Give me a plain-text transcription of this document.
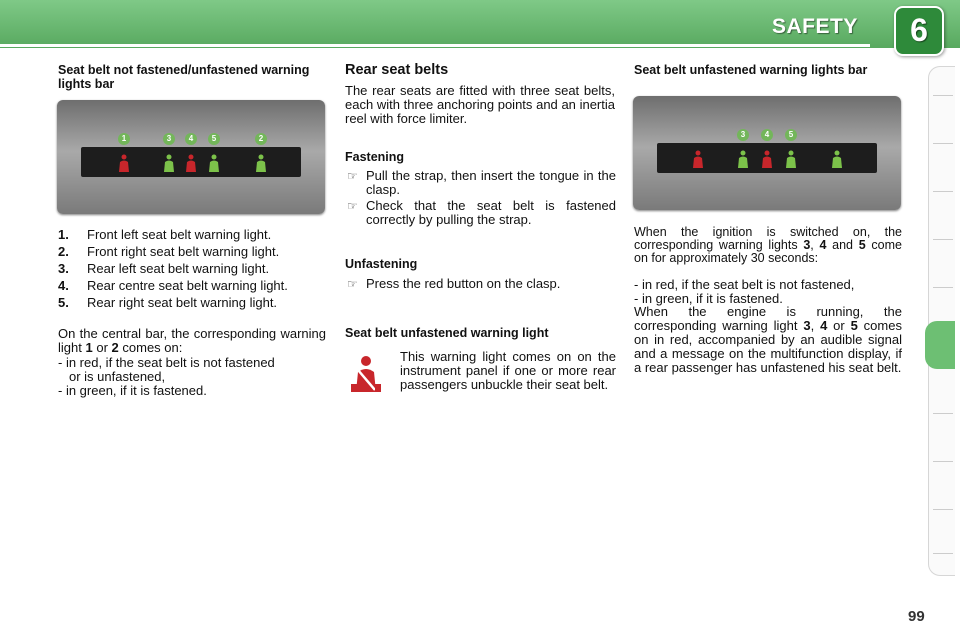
SAFETY	6
Seat belt not fastened/unfastened warning lights bar
1	3	4	5	2
1. Front left seat belt warning light.
2. Front right seat belt warning light.
3. Rear left seat belt warning light.
4. Rear centre seat belt warning light.
5. Rear right seat belt warning light.
On the central bar, the corresponding warning light 1 or 2 comes on:
- in red, if the seat belt is not fastened
or is unfastened,
- in green, if it is fastened.
Rear seat belts
The rear seats are fitted with three seat belts, each with three anchoring points and an inertia reel with force limiter.
Fastening
☞ Pull the strap, then insert the tongue in the clasp.
☞ Check that the seat belt is fastened correctly by pulling the strap.
Unfastening
☞ Press the red button on the clasp.
Seat belt unfastened warning light
This warning light comes on on the instrument panel if one or more rear passengers unbuckle their seat belt.
Seat belt unfastened warning lights bar
3	4	5
When the ignition is switched on, the corresponding warning lights 3, 4 and 5 come on for approximately 30 seconds:
- in red, if the seat belt is not fastened,
- in green, if it is fastened.
When the engine is running, the corresponding warning light 3, 4 or 5 comes on in red, accompanied by an audible signal and a message on the multifunction display, if a rear passenger has unfastened his seat belt.
99
